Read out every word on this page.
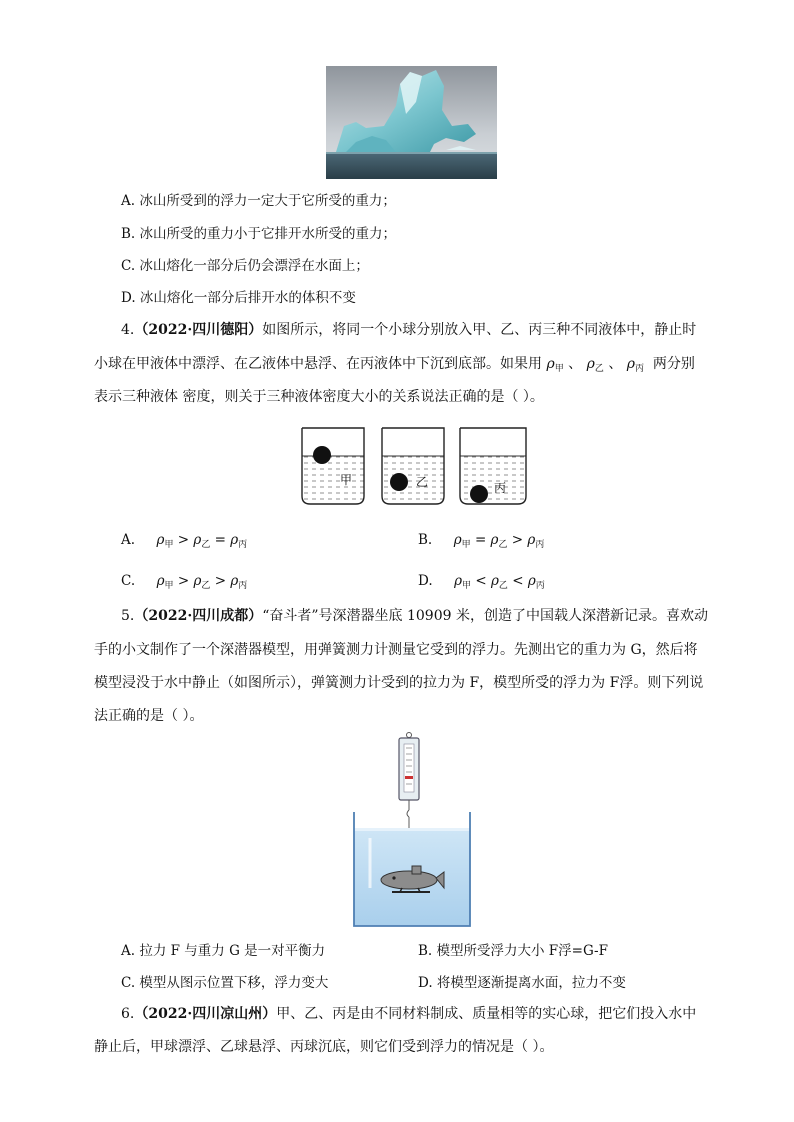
A. 冰山所受到的浮力一定大于它所受的重力；
B. 冰山所受的重力小于它排开水所受的重力；
C. 冰山熔化一部分后仍会漂浮在水面上；
D. 冰山熔化一部分后排开水的体积不变
4.（2022·四川德阳）如图所示，将同一个小球分别放入甲、乙、丙三种不同液体中，静止时
小球在甲液体中漂浮、在乙液体中悬浮、在丙液体中下沉到底部。如果用 $\rho_甲$ 、 $\rho_乙$ 、 $\rho_丙$ 两分别
表示三种液体 密度，则关于三种液体密度大小的关系说法正确的是（ ）。
甲	乙	丙
A. $\rho_甲 > \rho_乙 = \rho_丙$	B. $\rho_甲 = \rho_乙 > \rho_丙$
C. $\rho_甲 > \rho_乙 > \rho_丙$	D. $\rho_甲 < \rho_乙 < \rho_丙$
5.（2022·四川成都）“奋斗者”号深潜器坐底 10909 米，创造了中国载人深潜新记录。喜欢动
手的小文制作了一个深潜器模型，用弹簧测力计测量它受到的浮力。先测出它的重力为 G，然后将
模型浸没于水中静止（如图所示），弹簧测力计受到的拉力为 F，模型所受的浮力为 F浮。则下列说
法正确的是（ ）。
A. 拉力 F 与重力 G 是一对平衡力	B. 模型所受浮力大小 F浮=G-F
C. 模型从图示位置下移，浮力变大	D. 将模型逐渐提离水面，拉力不变
6.（2022·四川凉山州）甲、乙、丙是由不同材料制成、质量相等的实心球，把它们投入水中
静止后，甲球漂浮、乙球悬浮、丙球沉底，则它们受到浮力的情况是（ ）。
